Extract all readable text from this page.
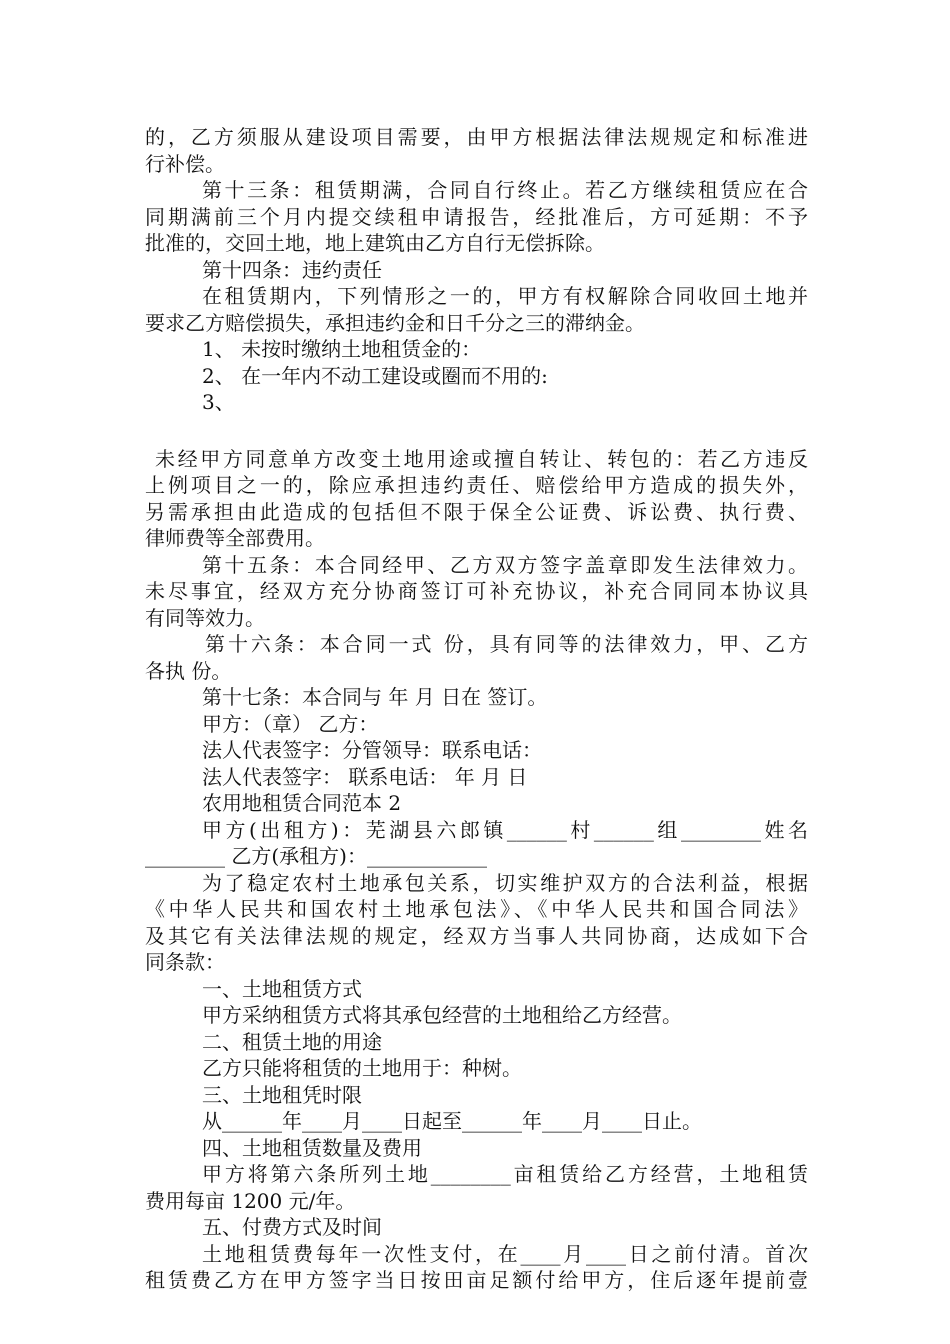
的，乙方须服从建设项目需要，由甲方根据法律法规规定和标准进
行补偿。
第十三条：租赁期满，合同自行终止。若乙方继续租赁应在合
同期满前三个月内提交续租申请报告，经批准后，方可延期：不予
批准的，交回土地，地上建筑由乙方自行无偿拆除。
第十四条：违约责任
在租赁期内，下列情形之一的，甲方有权解除合同收回土地并
要求乙方赔偿损失，承担违约金和日千分之三的滞纳金。
1、 未按时缴纳土地租赁金的：
2、 在一年内不动工建设或圈而不用的:
3、
未经甲方同意单方改变土地用途或擅自转让、转包的：若乙方违反
上例项目之一的，除应承担违约责任、赔偿给甲方造成的损失外，
另需承担由此造成的包括但不限于保全公证费、诉讼费、执行费、
律师费等全部费用。
第十五条：本合同经甲、乙方双方签字盖章即发生法律效力。
未尽事宜，经双方充分协商签订可补充协议，补充合同同本协议具
有同等效力。
第十六条：本合同一式 份，具有同等的法律效力，甲、乙方
各执 份。
第十七条：本合同与 年 月 日在 签订。
甲方：（章） 乙方：
法人代表签字：分管领导：联系电话：
法人代表签字： 联系电话： 年 月 日
农用地租赁合同范本 2
甲方(出租方)：芜湖县六郎镇______村______组________姓名
________ 乙方(承租方)：____________
为了稳定农村土地承包关系，切实维护双方的合法利益，根据
《中华人民共和国农村土地承包法》、《中华人民共和国合同法》
及其它有关法律法规的规定，经双方当事人共同协商，达成如下合
同条款：
一、土地租赁方式
甲方采纳租赁方式将其承包经营的土地租给乙方经营。
二、租赁土地的用途
乙方只能将租赁的土地用于：种树。
三、土地租凭时限
从______年____月____日起至______年____月____日止。
四、土地租赁数量及费用
甲方将第六条所列土地________亩租赁给乙方经营，土地租赁
费用每亩 1200 元/年。
五、付费方式及时间
土地租赁费每年一次性支付，在____月____日之前付清。首次
租赁费乙方在甲方签字当日按田亩足额付给甲方，住后逐年提前壹
